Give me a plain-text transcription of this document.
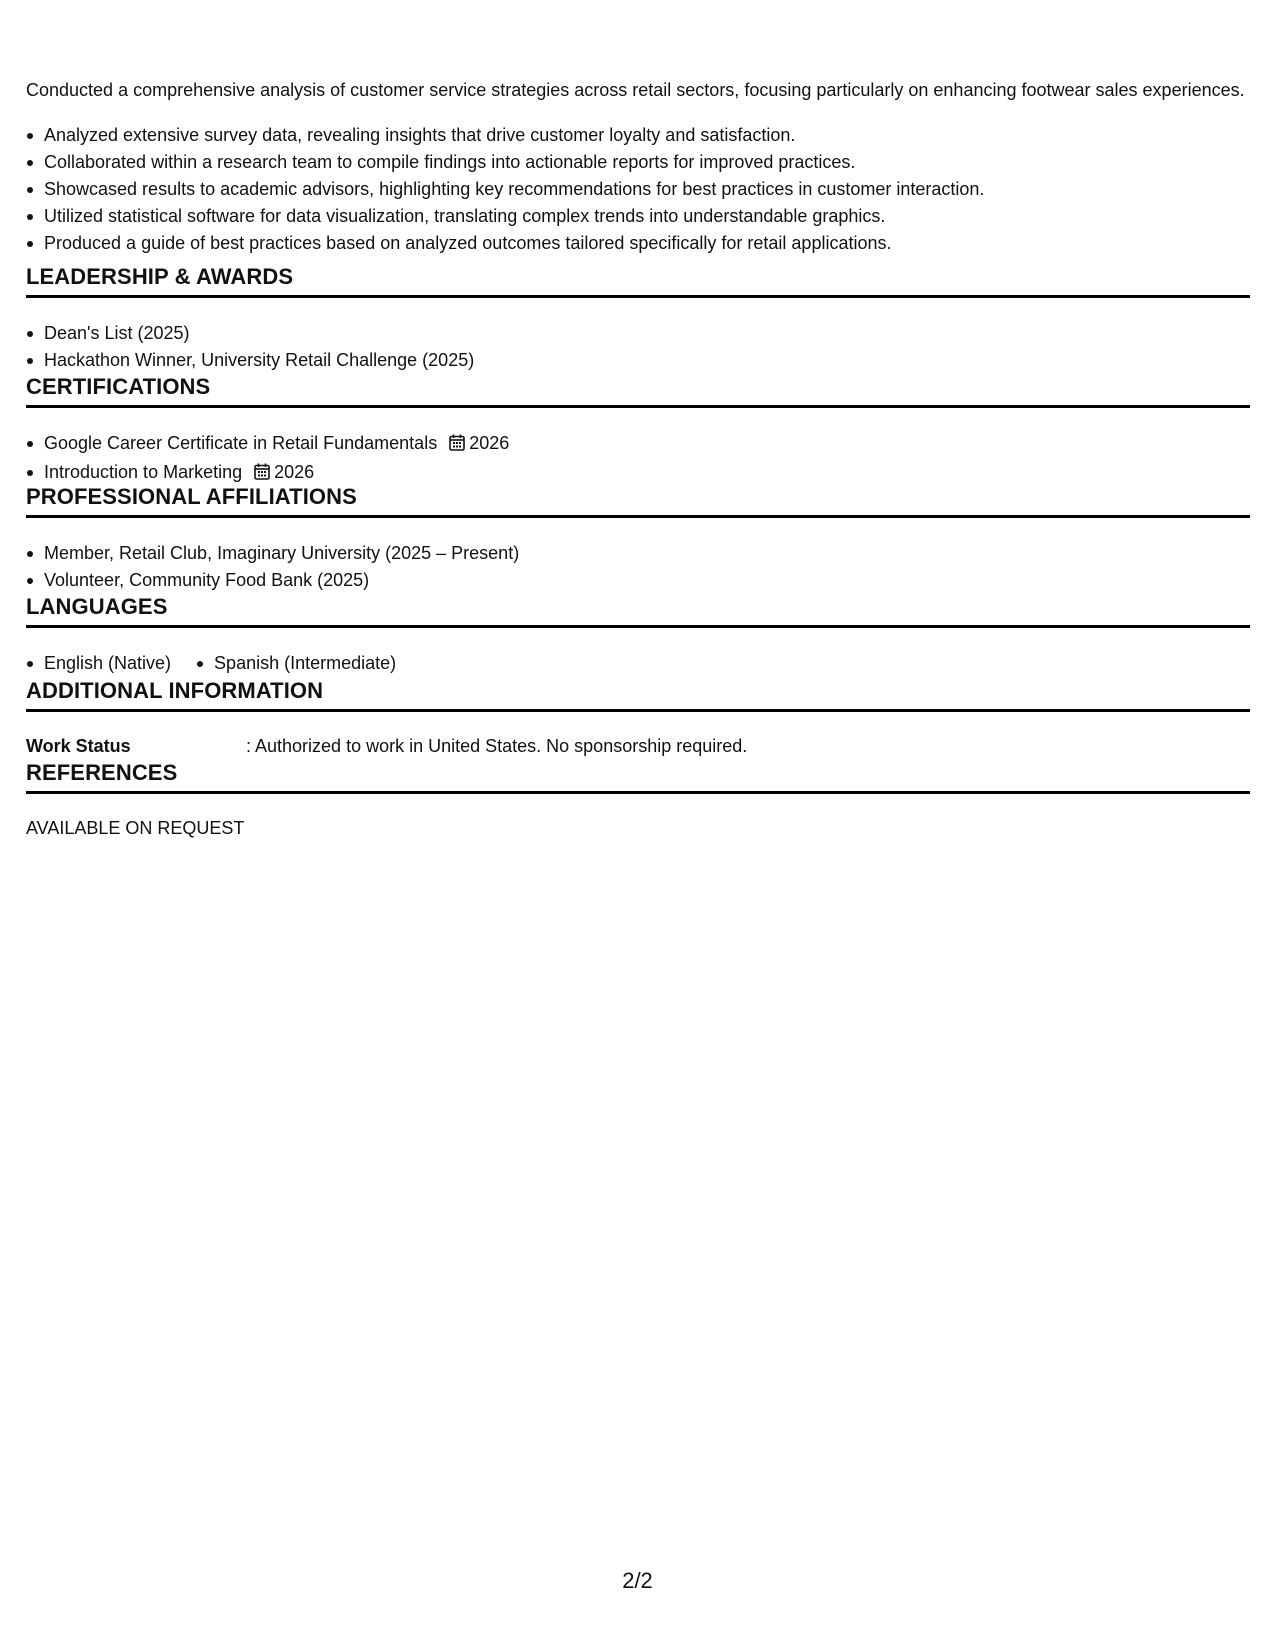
Conducted a comprehensive analysis of customer service strategies across retail sectors, focusing particularly on enhancing footwear sales experiences.
Analyzed extensive survey data, revealing insights that drive customer loyalty and satisfaction.
Collaborated within a research team to compile findings into actionable reports for improved practices.
Showcased results to academic advisors, highlighting key recommendations for best practices in customer interaction.
Utilized statistical software for data visualization, translating complex trends into understandable graphics.
Produced a guide of best practices based on analyzed outcomes tailored specifically for retail applications.
LEADERSHIP & AWARDS
Dean's List (2025)
Hackathon Winner, University Retail Challenge (2025)
CERTIFICATIONS
Google Career Certificate in Retail Fundamentals 2026
Introduction to Marketing 2026
PROFESSIONAL AFFILIATIONS
Member, Retail Club, Imaginary University (2025 – Present)
Volunteer, Community Food Bank (2025)
LANGUAGES
English (Native)	Spanish (Intermediate)
ADDITIONAL INFORMATION
Work Status	: Authorized to work in United States. No sponsorship required.
REFERENCES
AVAILABLE ON REQUEST
2/2
